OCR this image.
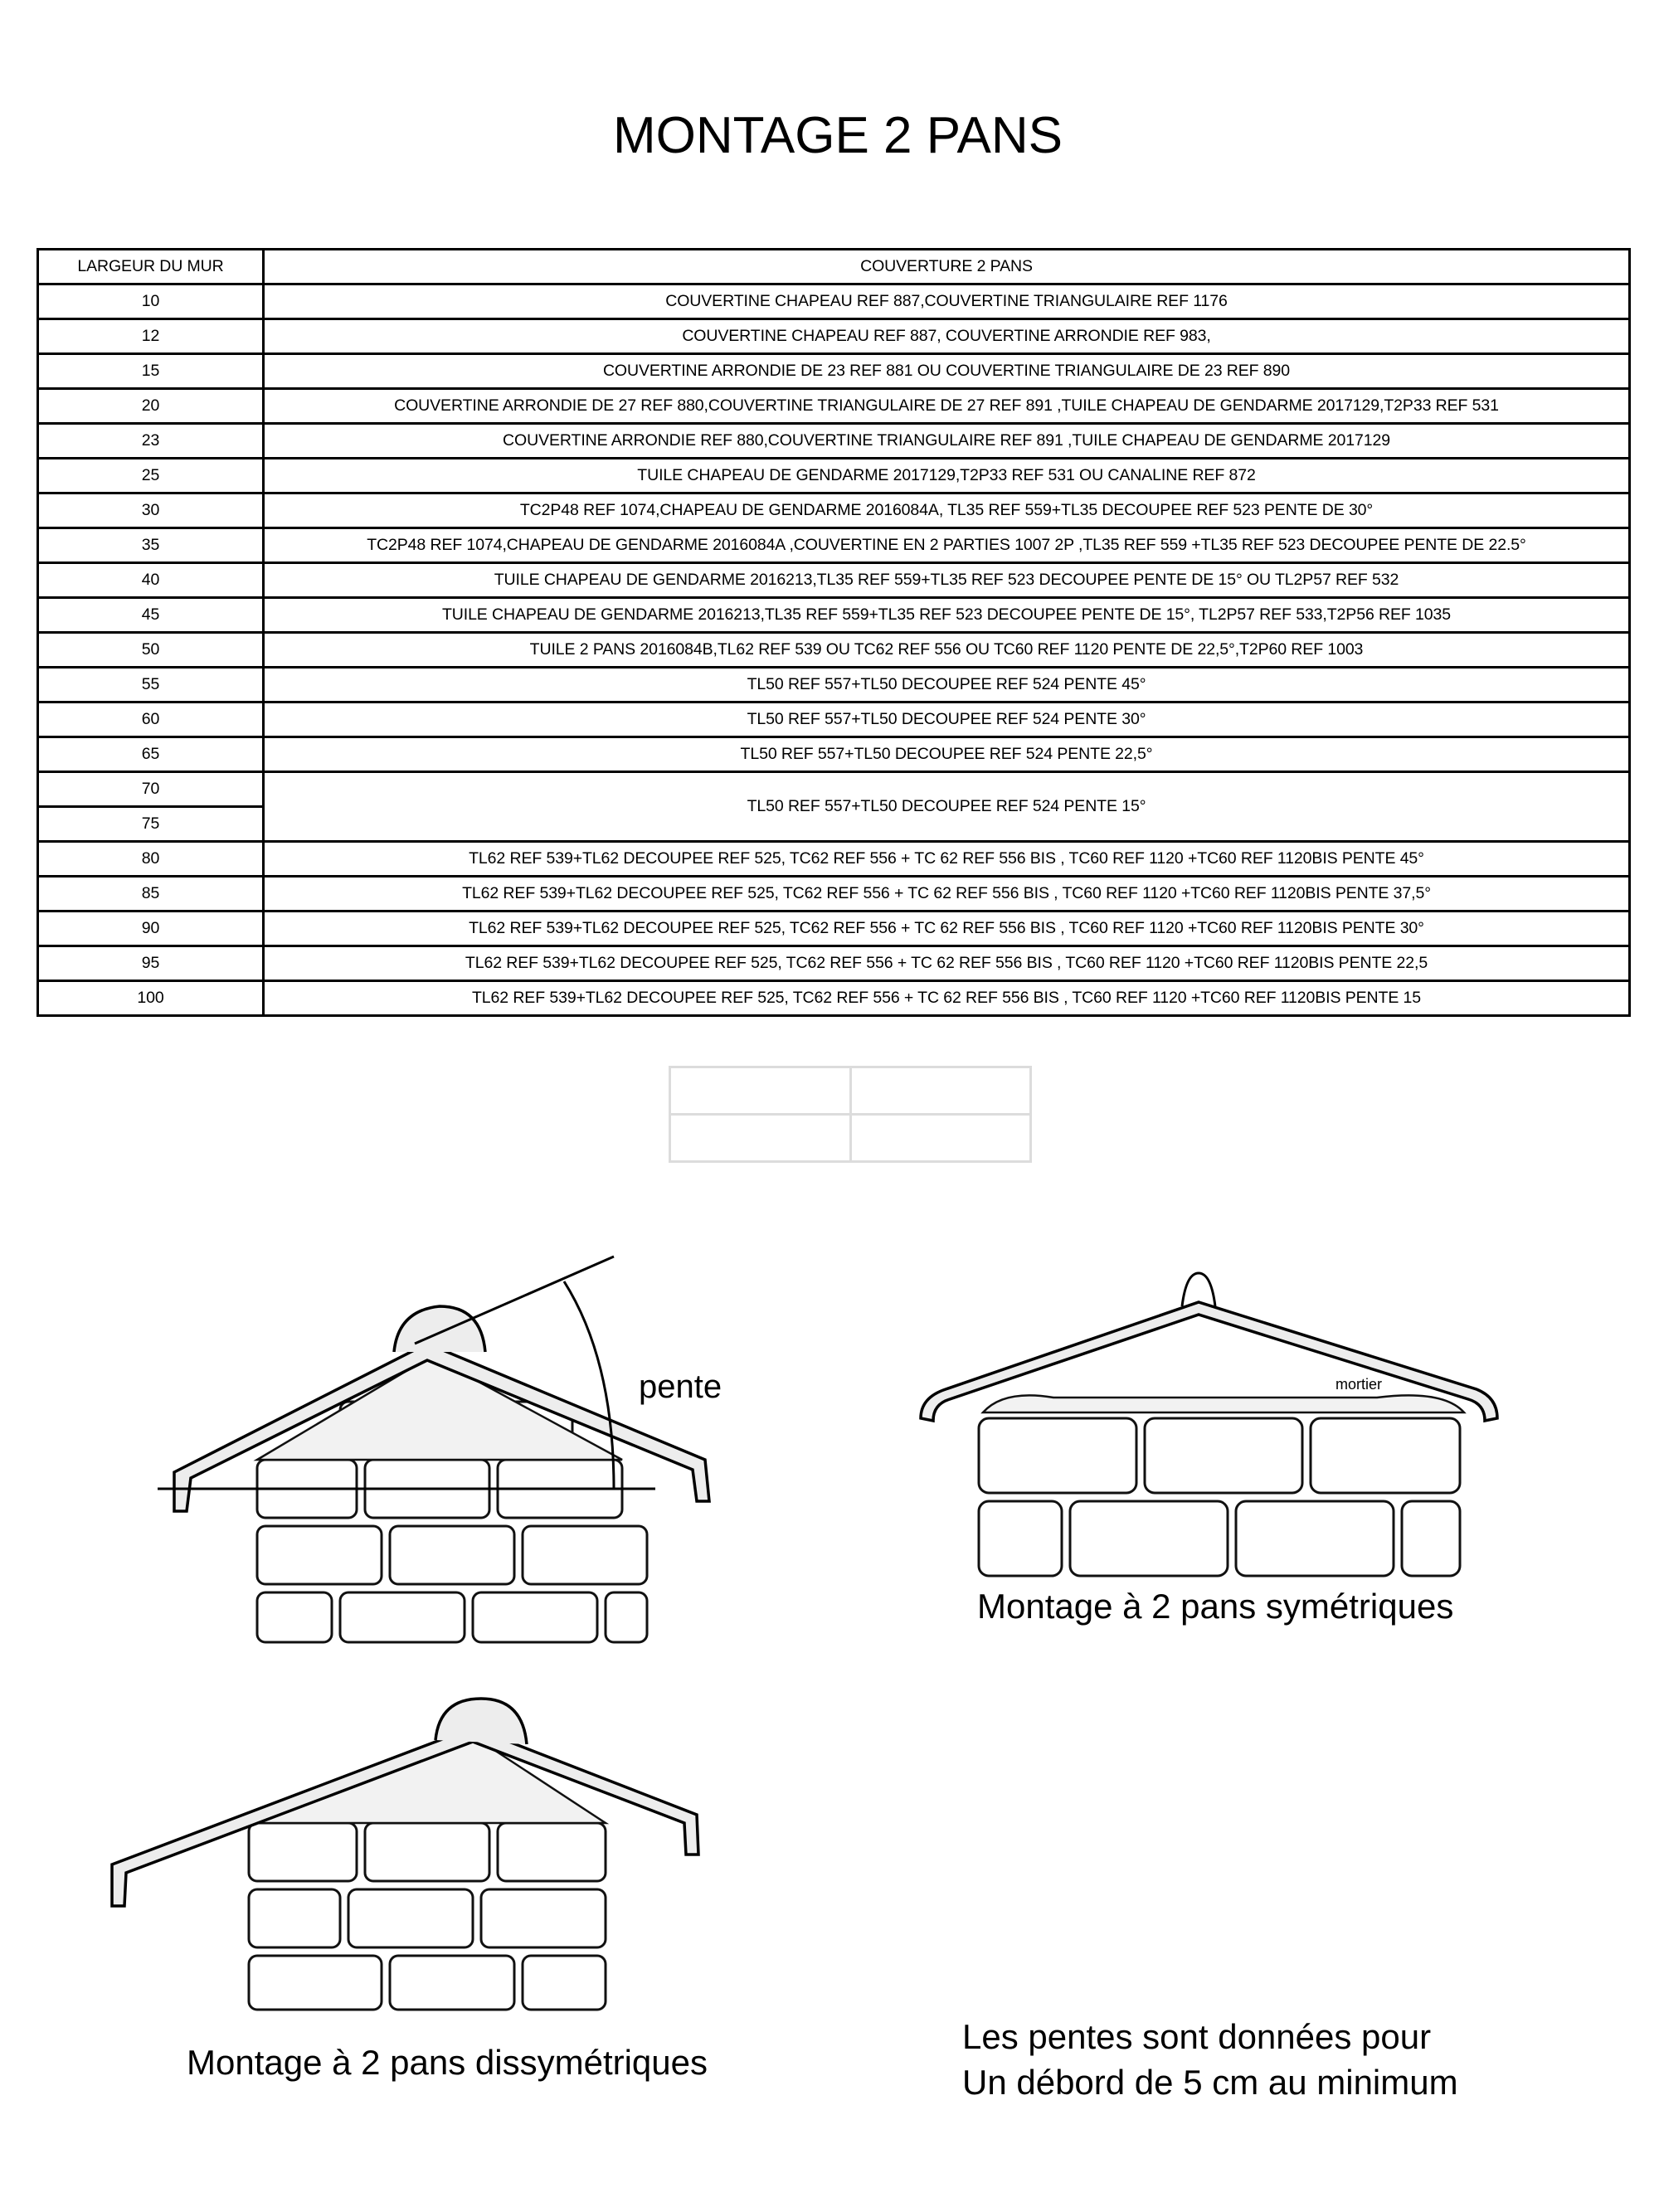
MONTAGE 2 PANS
LARGEUR DU MUR	COUVERTURE 2 PANS
10	COUVERTINE CHAPEAU REF 887,COUVERTINE TRIANGULAIRE REF 1176
12	COUVERTINE CHAPEAU REF 887, COUVERTINE ARRONDIE REF 983,
15	COUVERTINE ARRONDIE DE 23 REF 881 OU COUVERTINE TRIANGULAIRE DE 23 REF 890
20	COUVERTINE ARRONDIE DE 27 REF 880,COUVERTINE TRIANGULAIRE DE 27 REF 891 ,TUILE CHAPEAU DE GENDARME 2017129,T2P33 REF 531
23	COUVERTINE ARRONDIE REF 880,COUVERTINE TRIANGULAIRE REF 891 ,TUILE CHAPEAU DE GENDARME 2017129
25	TUILE CHAPEAU DE GENDARME 2017129,T2P33 REF 531 OU CANALINE REF 872
30	TC2P48 REF 1074,CHAPEAU DE GENDARME 2016084A, TL35 REF 559+TL35 DECOUPEE REF 523 PENTE DE 30°
35	TC2P48 REF 1074,CHAPEAU DE GENDARME 2016084A ,COUVERTINE EN 2 PARTIES 1007 2P ,TL35 REF 559 +TL35 REF 523 DECOUPEE PENTE DE 22.5°
40	TUILE CHAPEAU DE GENDARME 2016213,TL35 REF 559+TL35 REF 523 DECOUPEE PENTE DE 15° OU TL2P57 REF 532
45	TUILE CHAPEAU DE GENDARME 2016213,TL35 REF 559+TL35 REF 523 DECOUPEE PENTE DE 15°, TL2P57 REF 533,T2P56 REF 1035
50	TUILE 2 PANS 2016084B,TL62 REF 539 OU TC62 REF 556 OU TC60 REF 1120 PENTE DE 22,5°,T2P60 REF 1003
55	TL50 REF 557+TL50 DECOUPEE REF 524 PENTE 45°
60	TL50 REF 557+TL50 DECOUPEE REF 524 PENTE 30°
65	TL50 REF 557+TL50 DECOUPEE REF 524 PENTE 22,5°
70	TL50 REF 557+TL50 DECOUPEE REF 524 PENTE 15°
75	
80	TL62 REF 539+TL62 DECOUPEE REF 525, TC62 REF 556 + TC 62 REF 556 BIS , TC60 REF 1120 +TC60 REF 1120BIS PENTE 45°
85	TL62 REF 539+TL62 DECOUPEE REF 525, TC62 REF 556 + TC 62 REF 556 BIS , TC60 REF 1120 +TC60 REF 1120BIS PENTE 37,5°
90	TL62 REF 539+TL62 DECOUPEE REF 525, TC62 REF 556 + TC 62 REF 556 BIS , TC60 REF 1120 +TC60 REF 1120BIS PENTE 30°
95	TL62 REF 539+TL62 DECOUPEE REF 525, TC62 REF 556 + TC 62 REF 556 BIS , TC60 REF 1120 +TC60 REF 1120BIS PENTE 22,5
100	TL62 REF 539+TL62 DECOUPEE REF 525, TC62 REF 556 + TC 62 REF 556 BIS , TC60 REF 1120 +TC60 REF 1120BIS PENTE 15

pente	mortier
Montage à 2 pans symétriques
Montage à 2 pans dissymétriques
Les pentes sont données pour
Un débord de 5 cm au minimum
